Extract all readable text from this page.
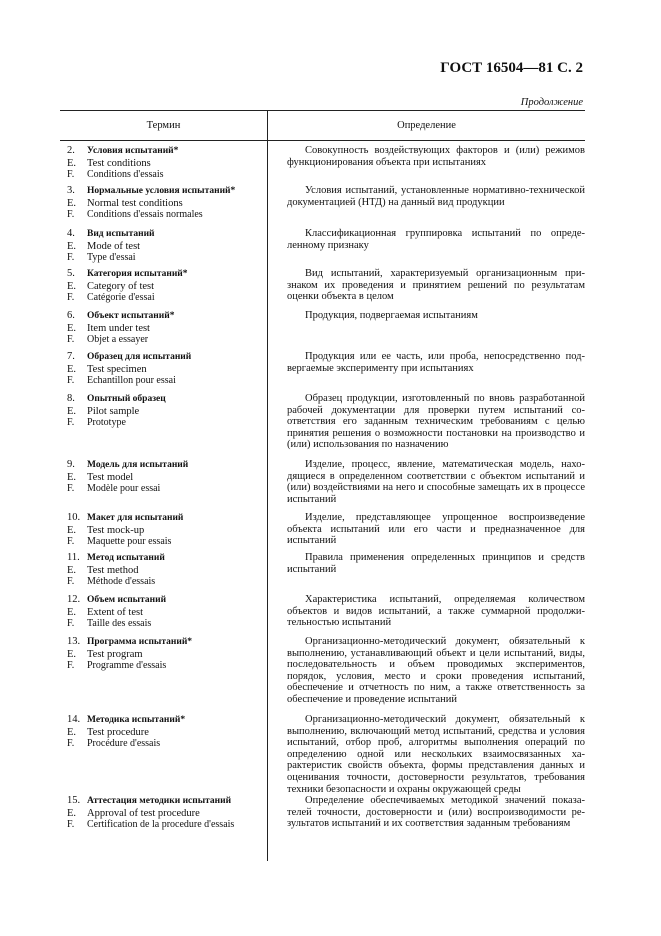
ГОСТ 16504—81 С. 2
Продолжение
Термин	Определение
2. Условия испытаний*
E. Test conditions
F. Conditions d'essais

Совокупность воздействующих факторов и (или) режимов функционирования объекта при испытаниях

3. Нормальные условия испытаний*
E. Normal test conditions
F. Conditions d'essais normales

Условия испытаний, установленные нормативно-технической документацией (НТД) на данный вид продукции

4. Вид испытаний
E. Mode of test
F. Type d'essai

Классификационная группировка испытаний по определенному признаку

5. Категория испытаний*
E. Category of test
F. Catégorie d'essai

Вид испытаний, характеризуемый организационным признаком их проведения и принятием решений по результатам оценки объекта в целом

6. Объект испытаний*
E. Item under test
F. Objet a essayer

Продукция, подвергаемая испытаниям

7. Образец для испытаний
E. Test specimen
F. Echantillon pour essai

Продукция или ее часть, или проба, непосредственно подвергаемые эксперименту при испытаниях

8. Опытный образец
E. Pilot sample
F. Prototype

Образец продукции, изготовленный по вновь разработанной рабочей документации для проверки путем испытаний соответствия его заданным техническим требованиям с целью принятия решения о возможности постановки на производство и (или) использования по назначению

9. Модель для испытаний
E. Test model
F. Modèle pour essai

Изделие, процесс, явление, математическая модель, находящиеся в определенном соответствии с объектом испытаний и (или) воздействиями на него и способные замещать их в процессе испытаний

10. Макет для испытаний
E. Test mock-up
F. Maquette pour essais

Изделие, представляющее упрощенное воспроизведение объекта испытаний или его части и предназначенное для испытаний

11. Метод испытаний
E. Test method
F. Méthode d'essais

Правила применения определенных принципов и средств испытаний

12. Объем испытаний
E. Extent of test
F. Taille des essais

Характеристика испытаний, определяемая количеством объектов и видов испытаний, а также суммарной продолжительностью испытаний

13. Программа испытаний*
E. Test program
F. Programme d'essais

Организационно-методический документ, обязательный к выполнению, устанавливающий объект и цели испытаний, виды, последовательность и объем проводимых экспериментов, порядок, условия, место и сроки проведения испытаний, обеспечение и отчетность по ним, а также ответственность за обеспечение и проведение испытаний

14. Методика испытаний*
E. Test procedure
F. Procédure d'essais

Организационно-методический документ, обязательный к выполнению, включающий метод испытаний, средства и условия испытаний, отбор проб, алгоритмы выполнения операций по определению одной или нескольких взаимосвязанных характеристик свойств объекта, формы представления данных и оценивания точности, достоверности результатов, требования техники безопасности и охраны окружающей среды

15. Аттестация методики испытаний
E. Approval of test procedure
F. Certification de la procedure d'essais

Определение обеспечиваемых методикой значений показателей точности, достоверности и (или) воспроизводимости результатов испытаний и их соответствия заданным требованиям
